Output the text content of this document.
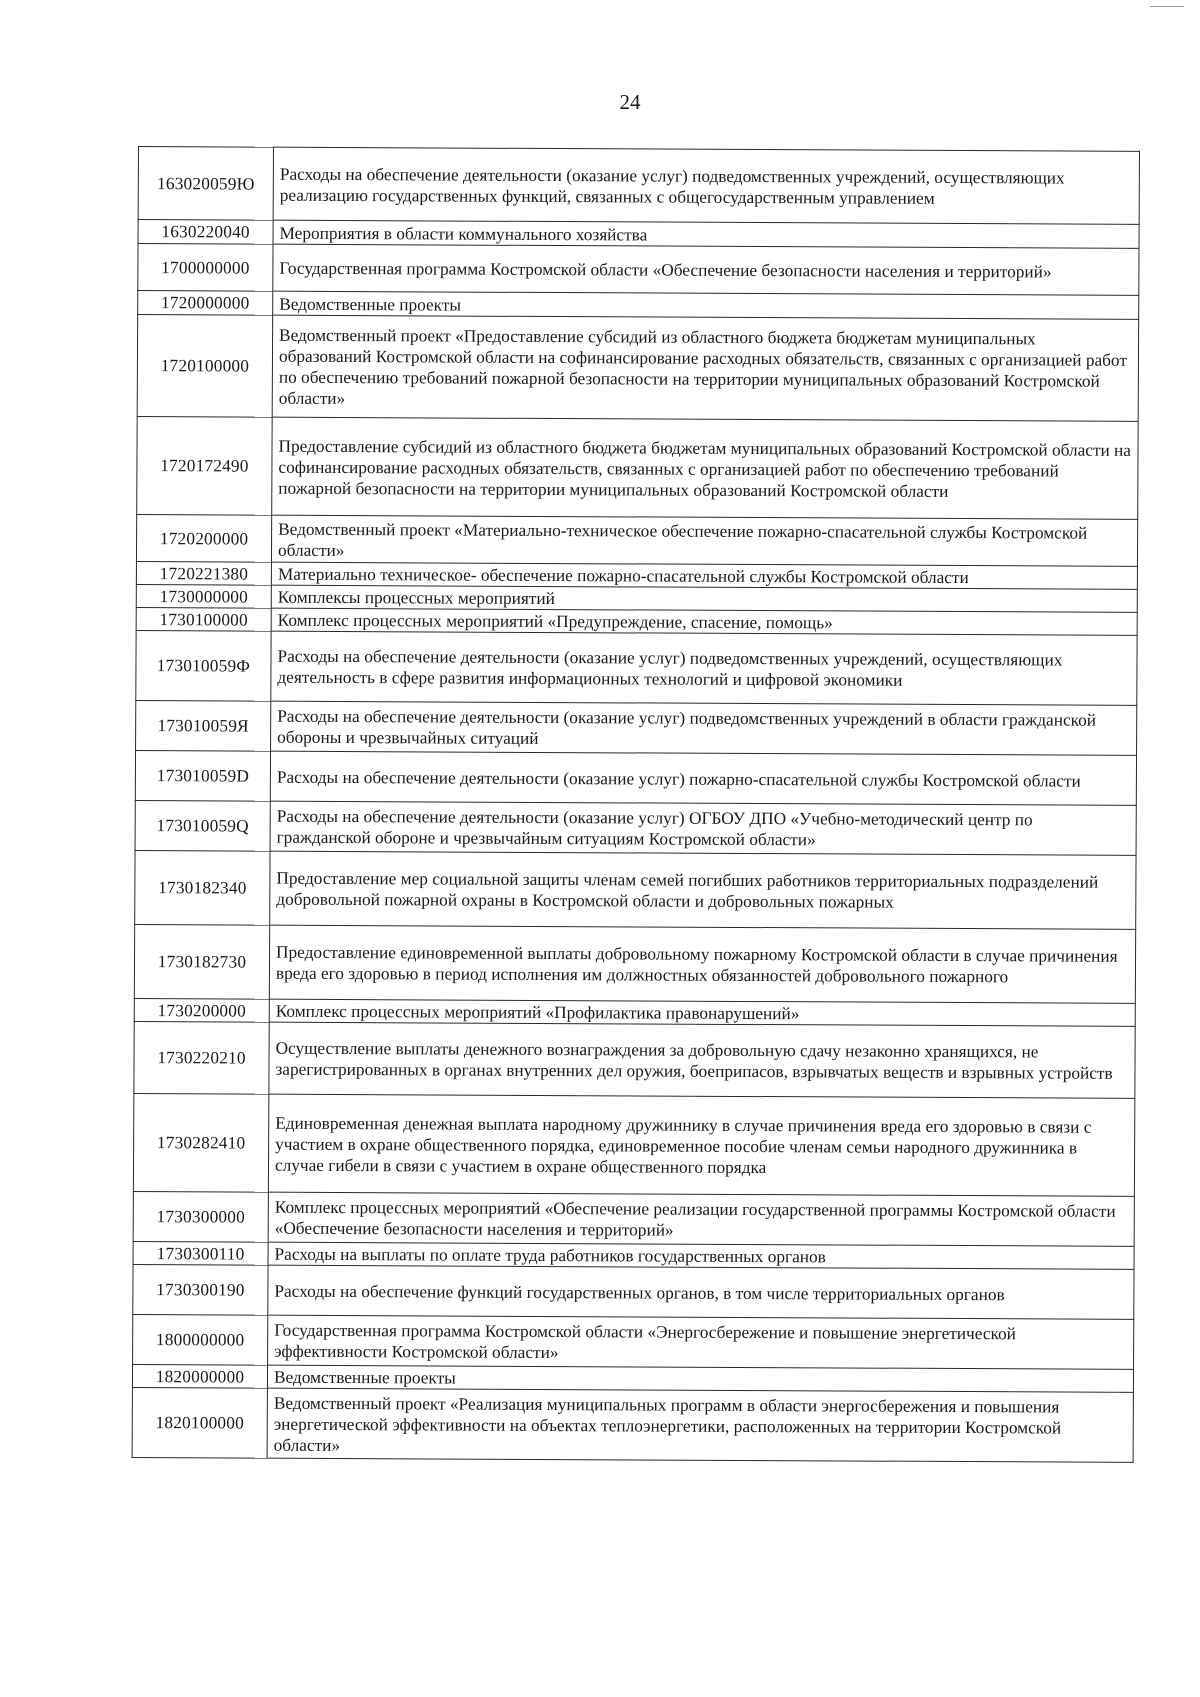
24
163020059Ю	Расходы на обеспечение деятельности (оказание услуг) подведомственных учреждений, осуществляющих реализацию государственных функций, связанных с общегосударственным управлением
1630220040	Мероприятия в области коммунального хозяйства
1700000000	Государственная программа Костромской области «Обеспечение безопасности населения и территорий»
1720000000	Ведомственные проекты
1720100000	Ведомственный проект «Предоставление субсидий из областного бюджета бюджетам муниципальных образований Костромской области на софинансирование расходных обязательств, связанных с организацией работ по обеспечению требований пожарной безопасности на территории муниципальных образований Костромской области»
1720172490	Предоставление субсидий из областного бюджета бюджетам муниципальных образований Костромской области на софинансирование расходных обязательств, связанных с организацией работ по обеспечению требований пожарной безопасности на территории муниципальных образований Костромской области
1720200000	Ведомственный проект «Материально-техническое обеспечение пожарно-спасательной службы Костромской области»
1720221380	Материально техническое- обеспечение пожарно-спасательной службы Костромской области
1730000000	Комплексы процессных мероприятий
1730100000	Комплекс процессных мероприятий «Предупреждение, спасение, помощь»
173010059Ф	Расходы на обеспечение деятельности (оказание услуг) подведомственных учреждений, осуществляющих деятельность в сфере развития информационных технологий и цифровой экономики
173010059Я	Расходы на обеспечение деятельности (оказание услуг) подведомственных учреждений в области гражданской обороны и чрезвычайных ситуаций
173010059D	Расходы на обеспечение деятельности (оказание услуг) пожарно-спасательной службы Костромской области
173010059Q	Расходы на обеспечение деятельности (оказание услуг) ОГБОУ ДПО «Учебно-методический центр по гражданской обороне и чрезвычайным ситуациям Костромской области»
1730182340	Предоставление мер социальной защиты членам семей погибших работников территориальных подразделений добровольной пожарной охраны в Костромской области и добровольных пожарных
1730182730	Предоставление единовременной выплаты добровольному пожарному Костромской области в случае причинения вреда его здоровью в период исполнения им должностных обязанностей добровольного пожарного
1730200000	Комплекс процессных мероприятий «Профилактика правонарушений»
1730220210	Осуществление выплаты денежного вознаграждения за добровольную сдачу незаконно хранящихся, не зарегистрированных в органах внутренних дел оружия, боеприпасов, взрывчатых веществ и взрывных устройств
1730282410	Единовременная денежная выплата народному дружиннику в случае причинения вреда его здоровью в связи с участием в охране общественного порядка, единовременное пособие членам семьи народного дружинника в случае гибели в связи с участием в охране общественного порядка
1730300000	Комплекс процессных мероприятий «Обеспечение реализации государственной программы Костромской области «Обеспечение безопасности населения и территорий»
1730300110	Расходы на выплаты по оплате труда работников государственных органов
1730300190	Расходы на обеспечение функций государственных органов, в том числе территориальных органов
1800000000	Государственная программа Костромской области «Энергосбережение и повышение энергетической эффективности Костромской области»
1820000000	Ведомственные проекты
1820100000	Ведомственный проект «Реализация муниципальных программ в области энергосбережения и повышения энергетической эффективности на объектах теплоэнергетики, расположенных на территории Костромской области»
